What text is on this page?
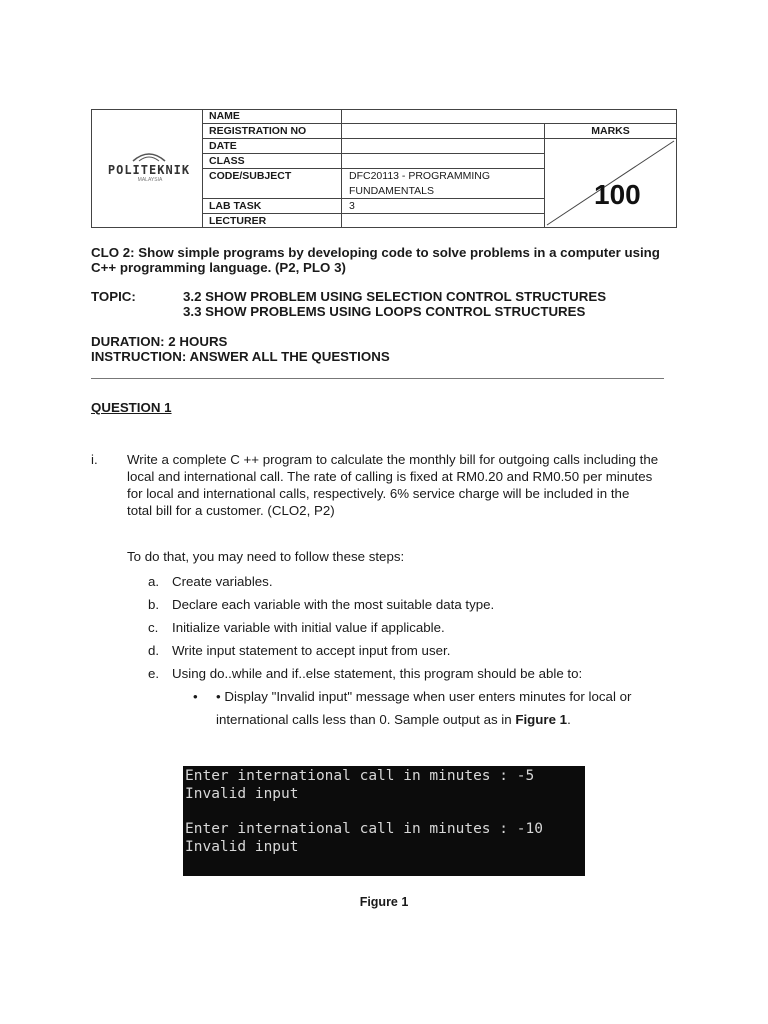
POLITEKNIK
MALAYSIA
NAME
REGISTRATION NO
DATE
CLASS
CODE/SUBJECT
LAB TASK
LECTURER
DFC20113 - PROGRAMMING
FUNDAMENTALS
3
MARKS
100
CLO 2: Show simple programs by developing code to solve problems in a computer using
C++ programming language. (P2, PLO 3)
TOPIC:	3.2 SHOW PROBLEM USING SELECTION CONTROL STRUCTURES
3.3 SHOW PROBLEMS USING LOOPS CONTROL STRUCTURES
DURATION: 2 HOURS
INSTRUCTION: ANSWER ALL THE QUESTIONS
QUESTION 1
i. Write a complete C ++ program to calculate the monthly bill for outgoing calls including the
local and international call. The rate of calling is fixed at RM0.20 and RM0.50 per minutes
for local and international calls, respectively. 6% service charge will be included in the
total bill for a customer. (CLO2, P2)
To do that, you may need to follow these steps:
a. Create variables.
b. Declare each variable with the most suitable data type.
c. Initialize variable with initial value if applicable.
d. Write input statement to accept input from user.
e. Using do..while and if..else statement, this program should be able to:
• • Display "Invalid input" message when user enters minutes for local or
international calls less than 0. Sample output as in Figure 1.
Enter international call in minutes : -5
Invalid input
Enter international call in minutes : -10
Invalid input
Figure 1
